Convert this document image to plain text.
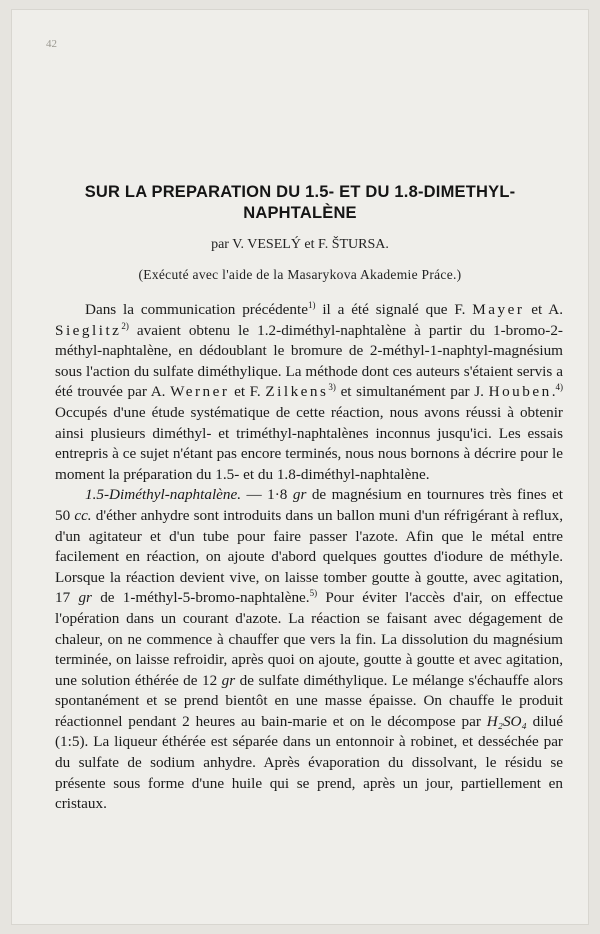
42
SUR LA PREPARATION DU 1.5- ET DU 1.8-DIMETHYL-
NAPHTALÈNE
par V. VESELÝ et F. ŠTURSA.
(Exécuté avec l'aide de la Masarykova Akademie Práce.)

Dans la communication précédente$^{1)}$ il a été signalé que F. Mayer et A. Sieglitz$^{2)}$ avaient obtenu le 1.2-diméthyl-naphtalène à partir du 1-bromo-2-méthyl-naphtalène, en dédoublant le bromure de 2-méthyl-1-naphtyl-magnésium sous l'action du sulfate diméthylique. La méthode dont ces auteurs s'étaient servis a été trouvée par A. Werner et F. Zilkens$^{3)}$ et simultanément par J. Houben.$^{4)}$ Occupés d'une étude systématique de cette réaction, nous avons réussi à obtenir ainsi plusieurs diméthyl- et triméthyl-naphtalènes inconnus jusqu'ici. Les essais entrepris à ce sujet n'étant pas encore terminés, nous nous bornons à décrire pour le moment la préparation du 1.5- et du 1.8-diméthyl-naphtalène.

1.5-Diméthyl-naphtalène. — 1·8 gr de magnésium en tournures très fines et 50 cc. d'éther anhydre sont introduits dans un ballon muni d'un réfrigérant à reflux, d'un agitateur et d'un tube pour faire passer l'azote. Afin que le métal entre facilement en réaction, on ajoute d'abord quelques gouttes d'iodure de méthyle. Lorsque la réaction devient vive, on laisse tomber goutte à goutte, avec agitation, 17 gr de 1-méthyl-5-bromo-naphtalène.$^{5)}$ Pour éviter l'accès d'air, on effectue l'opération dans un courant d'azote. La réaction se faisant avec dégagement de chaleur, on ne commence à chauffer que vers la fin. La dissolution du magnésium terminée, on laisse refroidir, après quoi on ajoute, goutte à goutte et avec agitation, une solution éthérée de 12 gr de sulfate diméthylique. Le mélange s'échauffe alors spontanément et se prend bientôt en une masse épaisse. On chauffe le produit réactionnel pendant 2 heures au bain-marie et on le décompose par H₂SO₄ dilué (1:5). La liqueur éthérée est séparée dans un entonnoir à robinet, et desséchée par du sulfate de sodium anhydre. Après évaporation du dissolvant, le résidu se présente sous forme d'une huile qui se prend, après un jour, partiellement en cristaux.
